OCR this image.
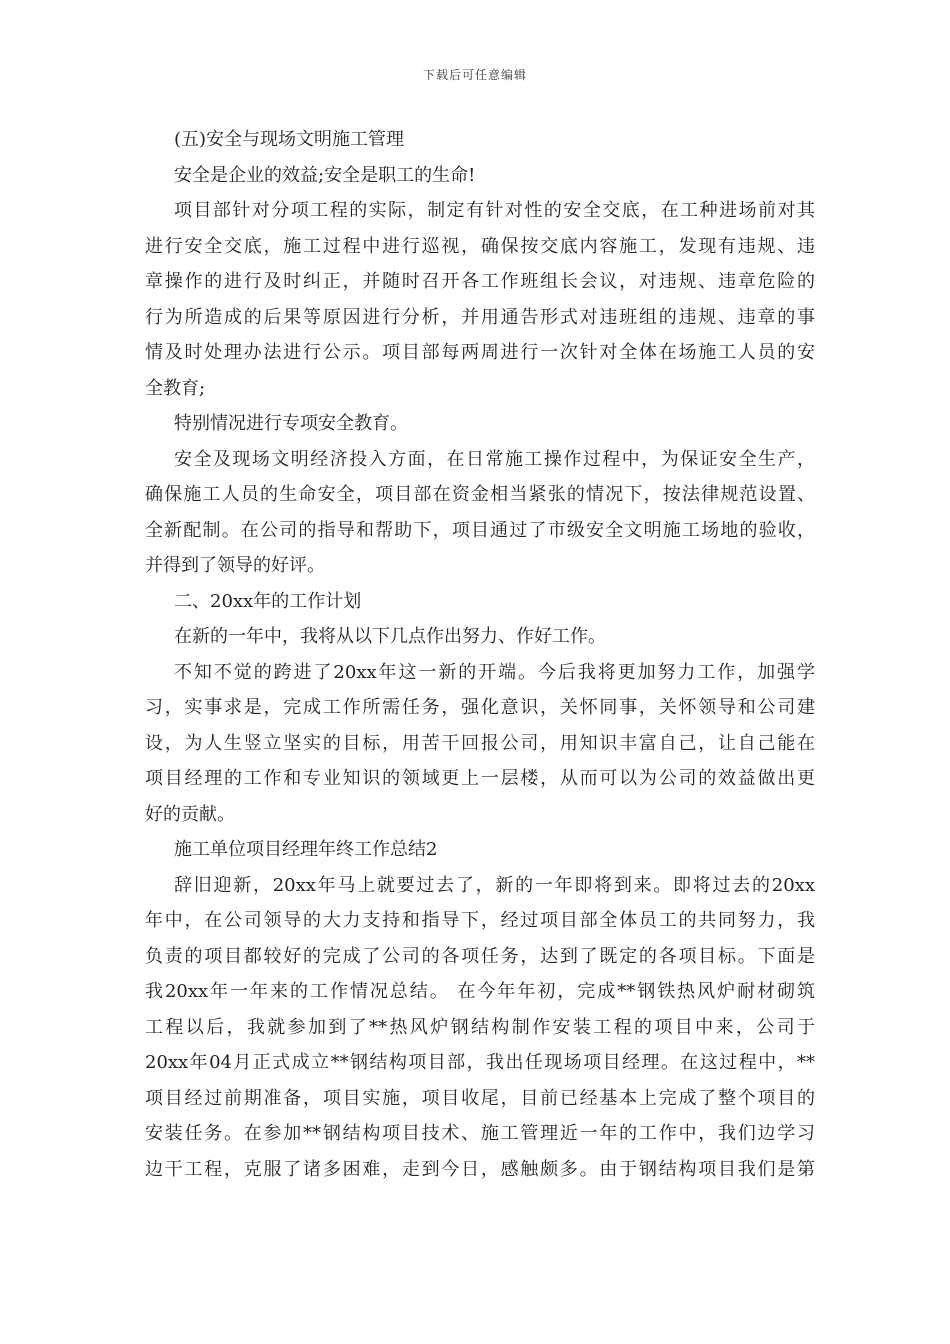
下载后可任意编辑
(五)安全与现场文明施工管理
安全是企业的效益;安全是职工的生命!
项目部针对分项工程的实际，制定有针对性的安全交底，在工种进场前对其
进行安全交底，施工过程中进行巡视，确保按交底内容施工，发现有违规、违
章操作的进行及时纠正，并随时召开各工作班组长会议，对违规、违章危险的
行为所造成的后果等原因进行分析，并用通告形式对违班组的违规、违章的事
情及时处理办法进行公示。项目部每两周进行一次针对全体在场施工人员的安
全教育;
特别情况进行专项安全教育。
安全及现场文明经济投入方面，在日常施工操作过程中，为保证安全生产，
确保施工人员的生命安全，项目部在资金相当紧张的情况下，按法律规范设置、
全新配制。在公司的指导和帮助下，项目通过了市级安全文明施工场地的验收，
并得到了领导的好评。
二、20xx年的工作计划
在新的一年中，我将从以下几点作出努力、作好工作。
不知不觉的跨进了20xx年这一新的开端。今后我将更加努力工作，加强学
习，实事求是，完成工作所需任务，强化意识，关怀同事，关怀领导和公司建
设，为人生竖立坚实的目标，用苦干回报公司，用知识丰富自己，让自己能在
项目经理的工作和专业知识的领域更上一层楼，从而可以为公司的效益做出更
好的贡献。
施工单位项目经理年终工作总结2
辞旧迎新，20xx年马上就要过去了，新的一年即将到来。即将过去的20xx
年中，在公司领导的大力支持和指导下，经过项目部全体员工的共同努力，我
负责的项目都较好的完成了公司的各项任务，达到了既定的各项目标。下面是
我20xx年一年来的工作情况总结。 在今年年初，完成**钢铁热风炉耐材砌筑
工程以后，我就参加到了**热风炉钢结构制作安装工程的项目中来，公司于
20xx年04月正式成立**钢结构项目部，我出任现场项目经理。在这过程中，**
项目经过前期准备，项目实施，项目收尾，目前已经基本上完成了整个项目的
安装任务。在参加**钢结构项目技术、施工管理近一年的工作中，我们边学习
边干工程，克服了诸多困难，走到今日，感触颇多。由于钢结构项目我们是第
